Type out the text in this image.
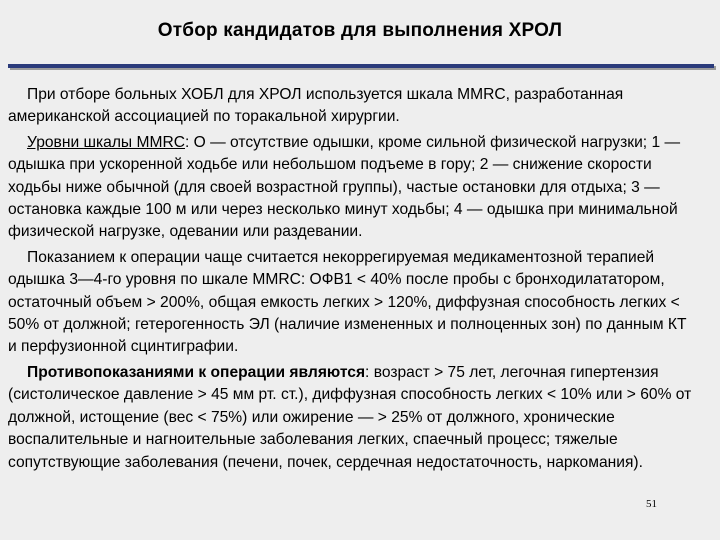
Отбор кандидатов для выполнения ХРОЛ

При отборе больных ХОБЛ для ХРОЛ используется шкала MMRC, разработанная американской ассоциацией по торакальной хирургии.

Уровни шкалы MMRC: О — отсутствие одышки, кроме сильной физической нагрузки; 1 — одышка при ускоренной ходьбе или небольшом подъеме в гору; 2 — снижение скорости ходьбы ниже обычной (для своей возрастной группы), частые остановки для отдыха; 3 — остановка каждые 100 м или через несколько минут ходьбы; 4 — одышка при минимальной физической нагрузке, одевании или раздевании.

Показанием к операции чаще считается некоррегируемая медикаментозной терапией одышка 3—4-го уровня по шкале MMRC: ОФВ1 < 40% после пробы с бронходилататором, остаточный объем > 200%, общая емкость легких > 120%, диффузная способность легких < 50% от должной; гетерогенность ЭЛ (наличие измененных и полноценных зон) по данным КТ и перфузионной сцинтиграфии.

Противопоказаниями к операции являются: возраст > 75 лет, легочная гипертензия (систолическое давление > 45 мм рт. ст.), диффузная способность легких < 10% или > 60% от должной, истощение (вес < 75%) или ожирение — > 25% от должного, хронические воспалительные и нагноительные заболевания легких, спаечный процесс; тяжелые сопутствующие заболевания (печени, почек, сердечная недостаточность, наркомания).

51
